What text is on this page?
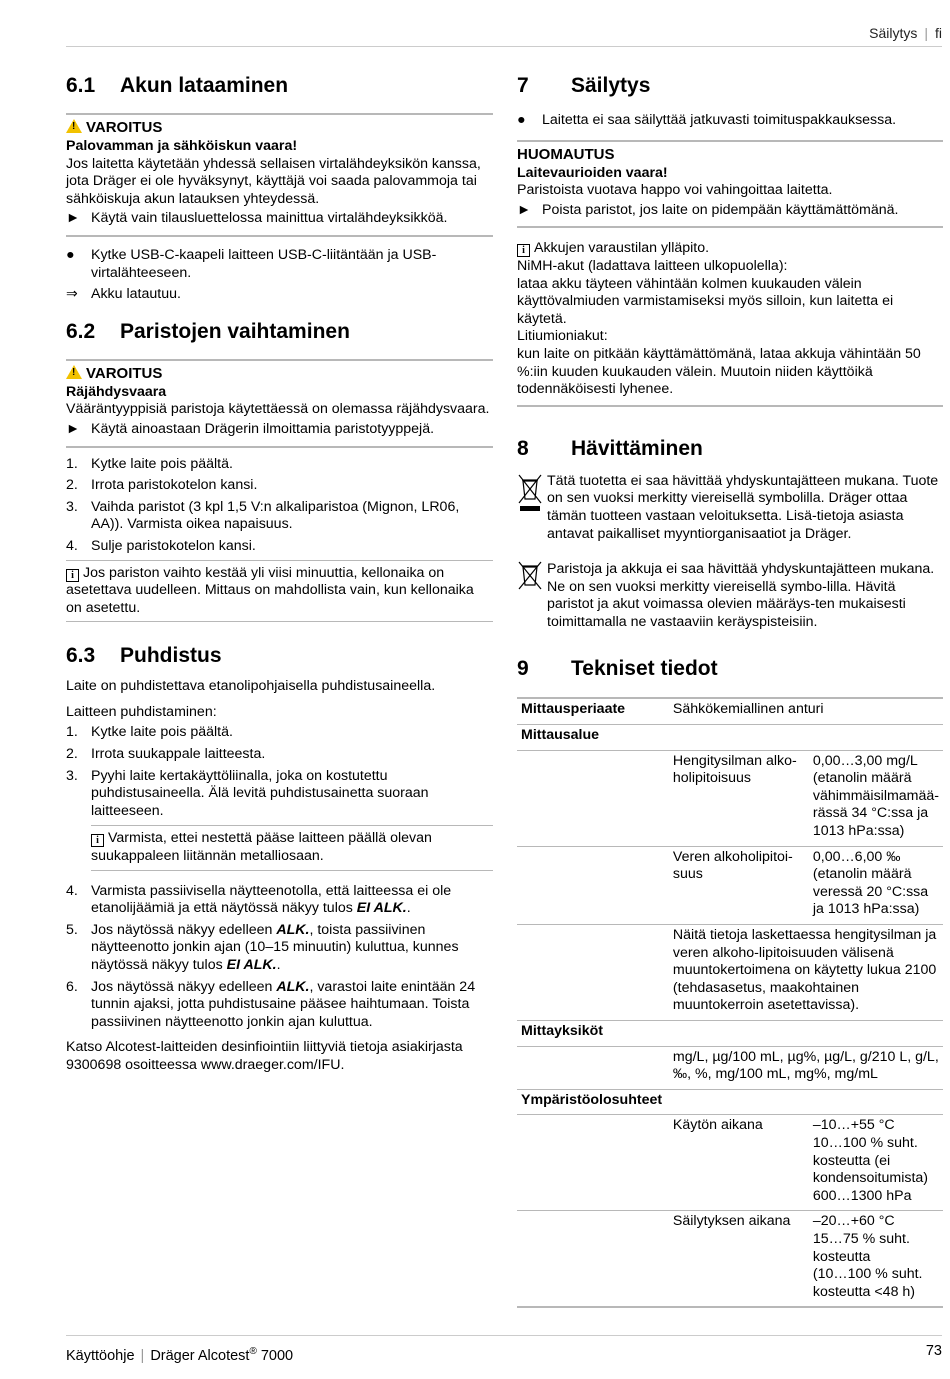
Säilytys | fi
6.1 Akun lataaminen
! VAROITUS

Palovamman ja sähköiskun vaara!

Jos laitetta käytetään yhdessä sellaisen virtalähdeyksikön kanssa, jota Dräger ei ole hyväksynyt, käyttäjä voi saada palovammoja tai sähköiskuja akun latauksen yhteydessä.

► Käytä vain tilausluettelossa mainittua virtalähdeyksikköä.

●	Kytke USB-C-kaapeli laitteen USB-C-liitäntään ja USB-virtalähteeseen.

⇒ Akku latautuu.

6.2 Paristojen vaihtaminen
! VAROITUS

Räjähdysvaara

Vääräntyyppisiä paristoja käytettäessä on olemassa räjähdysvaara.

► Käytä ainoastaan Drägerin ilmoittamia paristotyyppejä.

1. Kytke laite pois päältä.

2. Irrota paristokotelon kansi.

3. Vaihda paristot (3 kpl 1,5 V:n alkaliparistoa (Mignon, LR06, AA)). Varmista oikea napaisuus.

4. Sulje paristokotelon kansi.

i Jos pariston vaihto kestää yli viisi minuuttia, kellonaika on asetettava uudelleen. Mittaus on mahdollista vain, kun kellonaika on asetettu.
6.3 Puhdistus

Laite on puhdistettava etanolipohjaisella puhdistusaineella.

Laitteen puhdistaminen:

1. Kytke laite pois päältä.

2. Irrota suukappale laitteesta.

3. Pyyhi laite kertakäyttöliinalla, joka on kostutettu puhdistusaineella. Älä levitä puhdistusainetta suoraan laitteeseen.

i Varmista, ettei nestettä pääse laitteen päällä olevan suukappaleen liitännän metalliosaan.

4. Varmista passiivisella näytteenotolla, että laitteessa ei ole etanolijäämiä ja että näytössä näkyy tulos EI ALK..

5. Jos näytössä näkyy edelleen ALK., toista passiivinen näytteenotto jonkin ajan (10–15 minuutin) kuluttua, kunnes näytössä näkyy tulos EI ALK..

6. Jos näytössä näkyy edelleen ALK., varastoi laite enintään 24 tunnin ajaksi, jotta puhdistusaine pääsee haihtumaan. Toista passiivinen näytteenotto jonkin ajan kuluttua.

Katso Alcotest-laitteiden desinfiointiin liittyviä tietoja asiakirjasta 9300698 osoitteessa www.draeger.com/IFU.

7 Säilytys

●	Laitetta ei saa säilyttää jatkuvasti toimituspakkauksessa.

HUOMAUTUS

Laitevaurioiden vaara!

Paristoista vuotava happo voi vahingoittaa laitetta.

► Poista paristot, jos laite on pidempään käyttämättömänä.

i Akkujen varaustilan ylläpito.

NiMH-akut (ladattava laitteen ulkopuolella):

lataa akku täyteen vähintään kolmen kuukauden välein käyttövalmiuden varmistamiseksi myös silloin, kun laitetta ei käytetä.

Litiumioniakut:

kun laite on pitkään käyttämättömänä, lataa akkuja vähintään 50 %:iin kuuden kuukauden välein. Muutoin niiden käyttöikä todennäköisesti lyhenee.

8 Hävittäminen

Tätä tuotetta ei saa hävittää yhdyskuntajätteen mukana. Tuote on sen vuoksi merkitty viereisellä symbolilla. Dräger ottaa tämän tuotteen vastaan veloituksetta. Lisä-tietoja asiasta antavat paikalliset myyntiorganisaatiot ja Dräger.

Paristoja ja akkuja ei saa hävittää yhdyskuntajätteen mukana. Ne on sen vuoksi merkitty viereisellä symbo-lilla. Hävitä paristot ja akut voimassa olevien määräys-ten mukaisesti toimittamalla ne vastaaviin keräyspisteisiin.

9 Tekniset tiedot
Mittausperiaate	Sähkökemiallinen anturi	
Mittausalue		
	Hengitysilman alko-holipitoisuus	0,00…3,00 mg/L (etanolin määrä vähimmäisilmamää-rässä 34 °C:ssa ja 1013 hPa:ssa)
	Veren alkoholipitoi-suus	0,00…6,00 ‰ (etanolin määrä veressä 20 °C:ssa ja 1013 hPa:ssa)
	Näitä tietoja laskettaessa hengitysilman ja veren alkoho-lipitoisuuden välisenä muuntokertoimena on käytetty lukua 2100 (tehdasasetus, maakohtainen muuntokerroin asetettavissa).	
Mittayksiköt		
	mg/L, µg/100 mL, µg%, µg/L, g/210 L, g/L, ‰, %, mg/100 mL, mg%, mg/mL	
Ympäristöolosuhteet		
	Käytön aikana	–10…+55 °C
10…100 % suht. kosteutta (ei kondensoitumista)
600…1300 hPa

	Säilytyksen aikana	–20…+60 °C
15…75 % suht. kosteutta
(10…100 % suht. kosteutta <48 h)
Käyttöohje | Dräger Alcotest® 7000	73
